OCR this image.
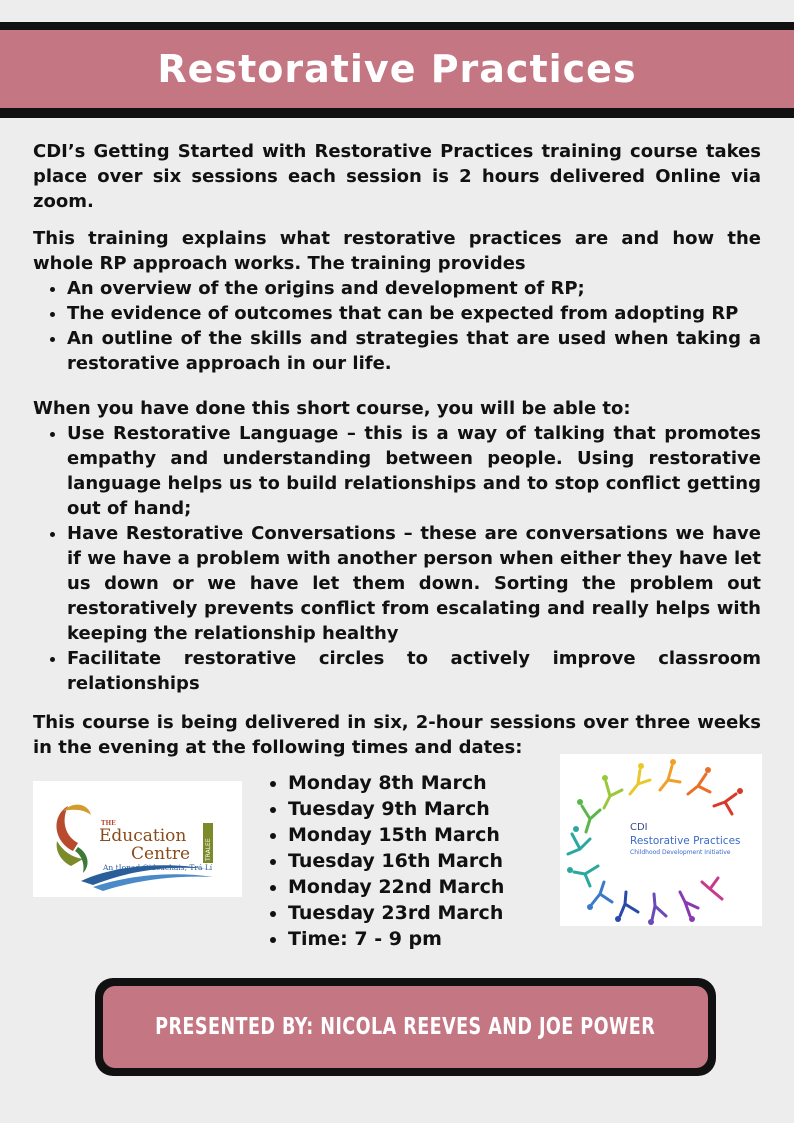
Restorative Practices

CDI’s Getting Started with Restorative Practices training course takes place over six sessions each session is 2 hours delivered Online via zoom.

This training explains what restorative practices are and how the whole RP approach works. The training provides

• An overview of the origins and development of RP;
• The evidence of outcomes that can be expected from adopting RP
• An outline of the skills and strategies that are used when taking a restorative approach in our life.

When you have done this short course, you will be able to:

• Use Restorative Language – this is a way of talking that promotes empathy and understanding between people. Using restorative language helps us to build relationships and to stop conflict getting out of hand;
• Have Restorative Conversations – these are conversations we have if we have a problem with another person when either they have let us down or we have let them down. Sorting the problem out restoratively prevents conflict from escalating and really helps with keeping the relationship healthy
• Facilitate restorative circles to actively improve classroom relationships

This course is being delivered in six, 2-hour sessions over three weeks in the evening at the following times and dates:

THE
Education
Centre TRALEE
An tIonad Oideachais, Trá Lí
• Monday 8th March
• Tuesday 9th March
• Monday 15th March
• Tuesday 16th March
• Monday 22nd March
• Tuesday 23rd March
• Time: 7 - 9 pm
CDI
Restorative Practices
Childhood Development Initiative
PRESENTED BY: NICOLA REEVES AND JOE POWER
